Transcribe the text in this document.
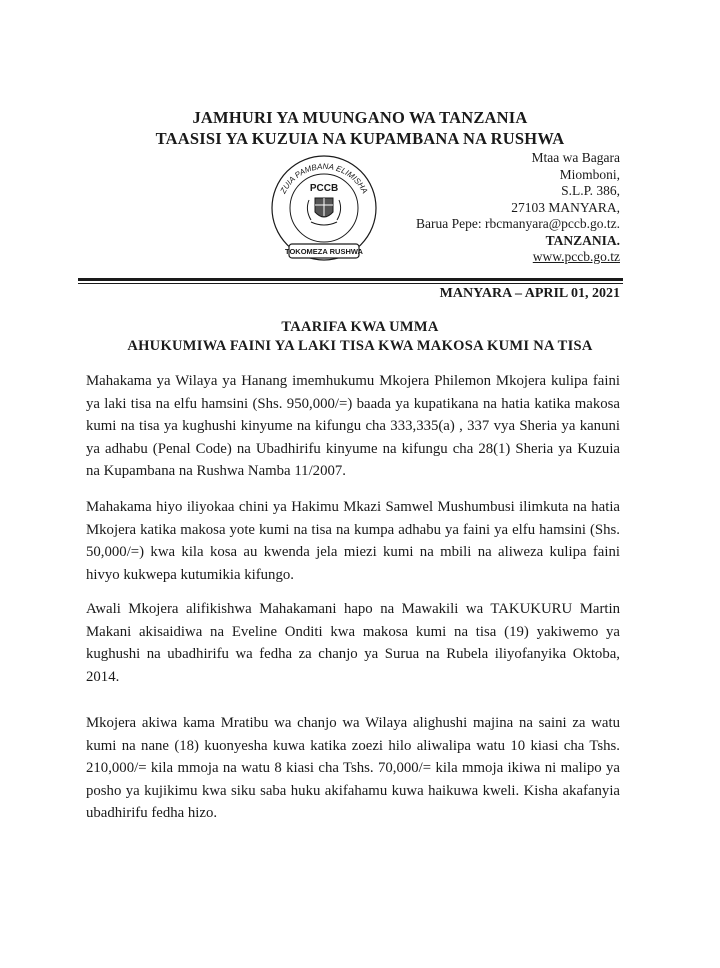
JAMHURI YA MUUNGANO WA TANZANIA
TAASISI YA KUZUIA NA KUPAMBANA NA RUSHWA
ZUIA PAMBANA ELIMISHA
PCCB
TOKOMEZA RUSHWA
Mtaa wa Bagara
Miomboni,
S.L.P. 386,
27103 MANYARA,
Barua Pepe: rbcmanyara@pccb.go.tz.
TANZANIA.
www.pccb.go.tz
MANYARA – APRIL 01, 2021
TAARIFA KWA UMMA
AHUKUMIWA FAINI YA LAKI TISA KWA MAKOSA KUMI NA TISA

Mahakama ya Wilaya ya Hanang imemhukumu Mkojera Philemon Mkojera kulipa faini ya laki tisa na elfu hamsini (Shs. 950,000/=) baada ya kupatikana na hatia katika makosa kumi na tisa ya kughushi kinyume na kifungu cha 333,335(a) , 337 vya Sheria ya kanuni ya adhabu (Penal Code) na Ubadhirifu kinyume na kifungu cha 28(1) Sheria ya Kuzuia na Kupambana na Rushwa Namba 11/2007.

Mahakama hiyo iliyokaa chini ya Hakimu Mkazi Samwel Mushumbusi ilimkuta na hatia Mkojera katika makosa yote kumi na tisa na kumpa adhabu ya faini ya elfu hamsini (Shs. 50,000/=) kwa kila kosa au kwenda jela miezi kumi na mbili na aliweza kulipa faini hivyo kukwepa kutumikia kifungo.

Awali Mkojera alifikishwa Mahakamani hapo na Mawakili wa TAKUKURU Martin Makani akisaidiwa na Eveline Onditi kwa makosa kumi na tisa (19) yakiwemo ya kughushi na ubadhirifu wa fedha za chanjo ya Surua na Rubela iliyofanyika Oktoba, 2014.

Mkojera akiwa kama Mratibu wa chanjo wa Wilaya alighushi majina na saini za watu kumi na nane (18) kuonyesha kuwa katika zoezi hilo aliwalipa watu 10 kiasi cha Tshs. 210,000/= kila mmoja na watu 8 kiasi cha Tshs. 70,000/= kila mmoja ikiwa ni malipo ya posho ya kujikimu kwa siku saba huku akifahamu kuwa haikuwa kweli. Kisha akafanyia ubadhirifu fedha hizo.
